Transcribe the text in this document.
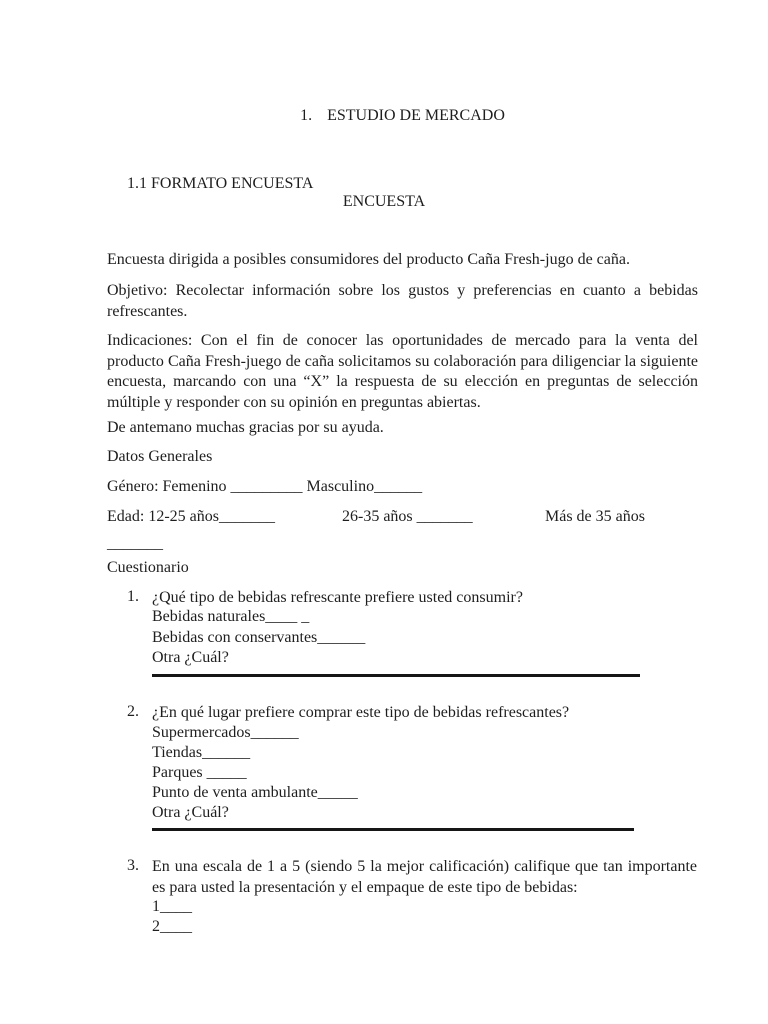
1. ESTUDIO DE MERCADO
1.1 FORMATO ENCUESTA
ENCUESTA

Encuesta dirigida a posibles consumidores del producto Caña Fresh-jugo de caña.

Objetivo: Recolectar información sobre los gustos y preferencias en cuanto a bebidas refrescantes.

Indicaciones: Con el fin de conocer las oportunidades de mercado para la venta del producto Caña Fresh-juego de caña solicitamos su colaboración para diligenciar la siguiente encuesta, marcando con una “X” la respuesta de su elección en preguntas de selección múltiple y responder con su opinión en preguntas abiertas.

De antemano muchas gracias por su ayuda.

Datos Generales

Género: Femenino _________ Masculino______

Edad: 12-25 años_______	26-35 años _______	Más de 35 años
_______

Cuestionario

1. ¿Qué tipo de bebidas refrescante prefiere usted consumir?
Bebidas naturales____ _
Bebidas con conservantes______
Otra ¿Cuál?
2. ¿En qué lugar prefiere comprar este tipo de bebidas refrescantes?
Supermercados______
Tiendas______
Parques _____
Punto de venta ambulante_____
Otra ¿Cuál?
3. En una escala de 1 a 5 (siendo 5 la mejor calificación) califique que tan importante es para usted la presentación y el empaque de este tipo de bebidas:
1____
2____
